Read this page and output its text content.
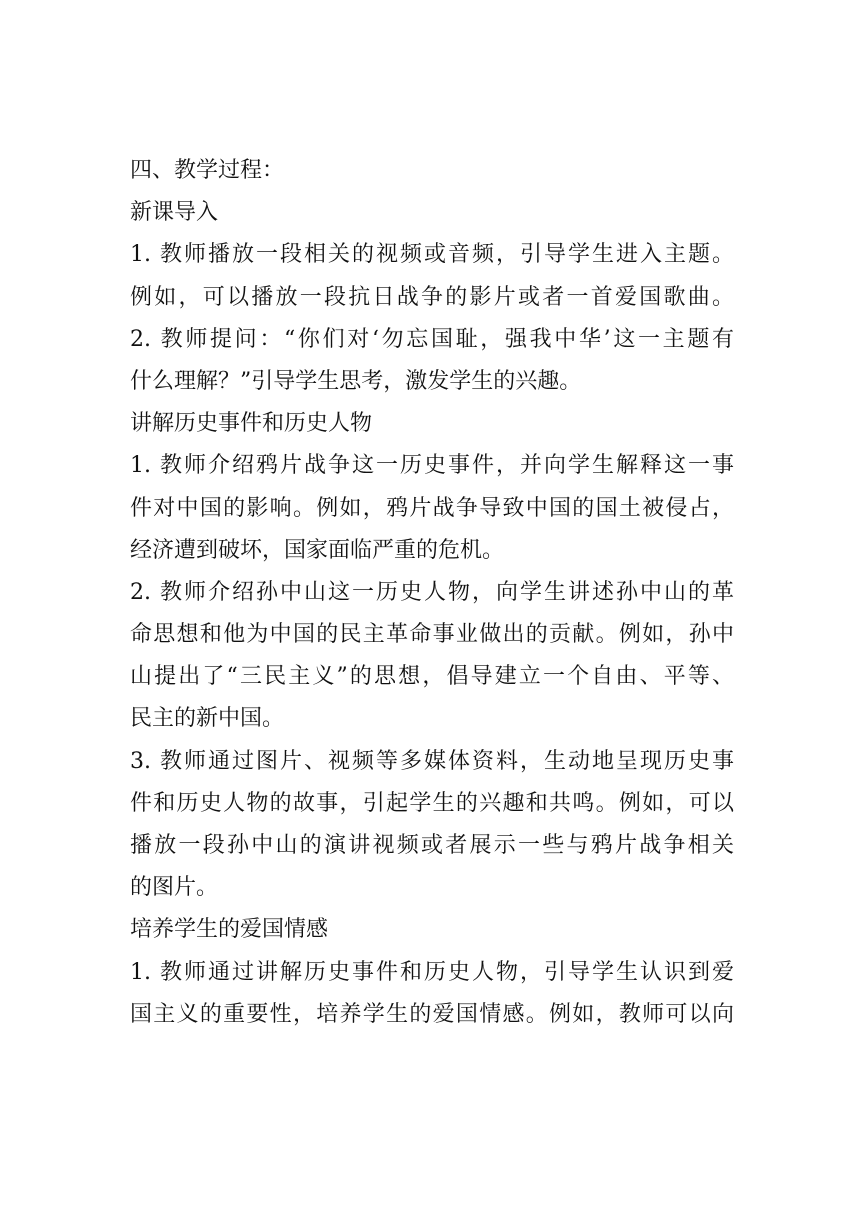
四、教学过程：
新课导入
1. 教师播放一段相关的视频或音频，引导学生进入主题。
例如，可以播放一段抗日战争的影片或者一首爱国歌曲。
2. 教师提问：“你们对‘勿忘国耻，强我中华’这一主题有
什么理解？”引导学生思考，激发学生的兴趣。
讲解历史事件和历史人物
1. 教师介绍鸦片战争这一历史事件，并向学生解释这一事
件对中国的影响。例如，鸦片战争导致中国的国土被侵占，
经济遭到破坏，国家面临严重的危机。
2. 教师介绍孙中山这一历史人物，向学生讲述孙中山的革
命思想和他为中国的民主革命事业做出的贡献。例如，孙中
山提出了“三民主义”的思想，倡导建立一个自由、平等、
民主的新中国。
3. 教师通过图片、视频等多媒体资料，生动地呈现历史事
件和历史人物的故事，引起学生的兴趣和共鸣。例如，可以
播放一段孙中山的演讲视频或者展示一些与鸦片战争相关
的图片。
培养学生的爱国情感
1. 教师通过讲解历史事件和历史人物，引导学生认识到爱
国主义的重要性，培养学生的爱国情感。例如，教师可以向
